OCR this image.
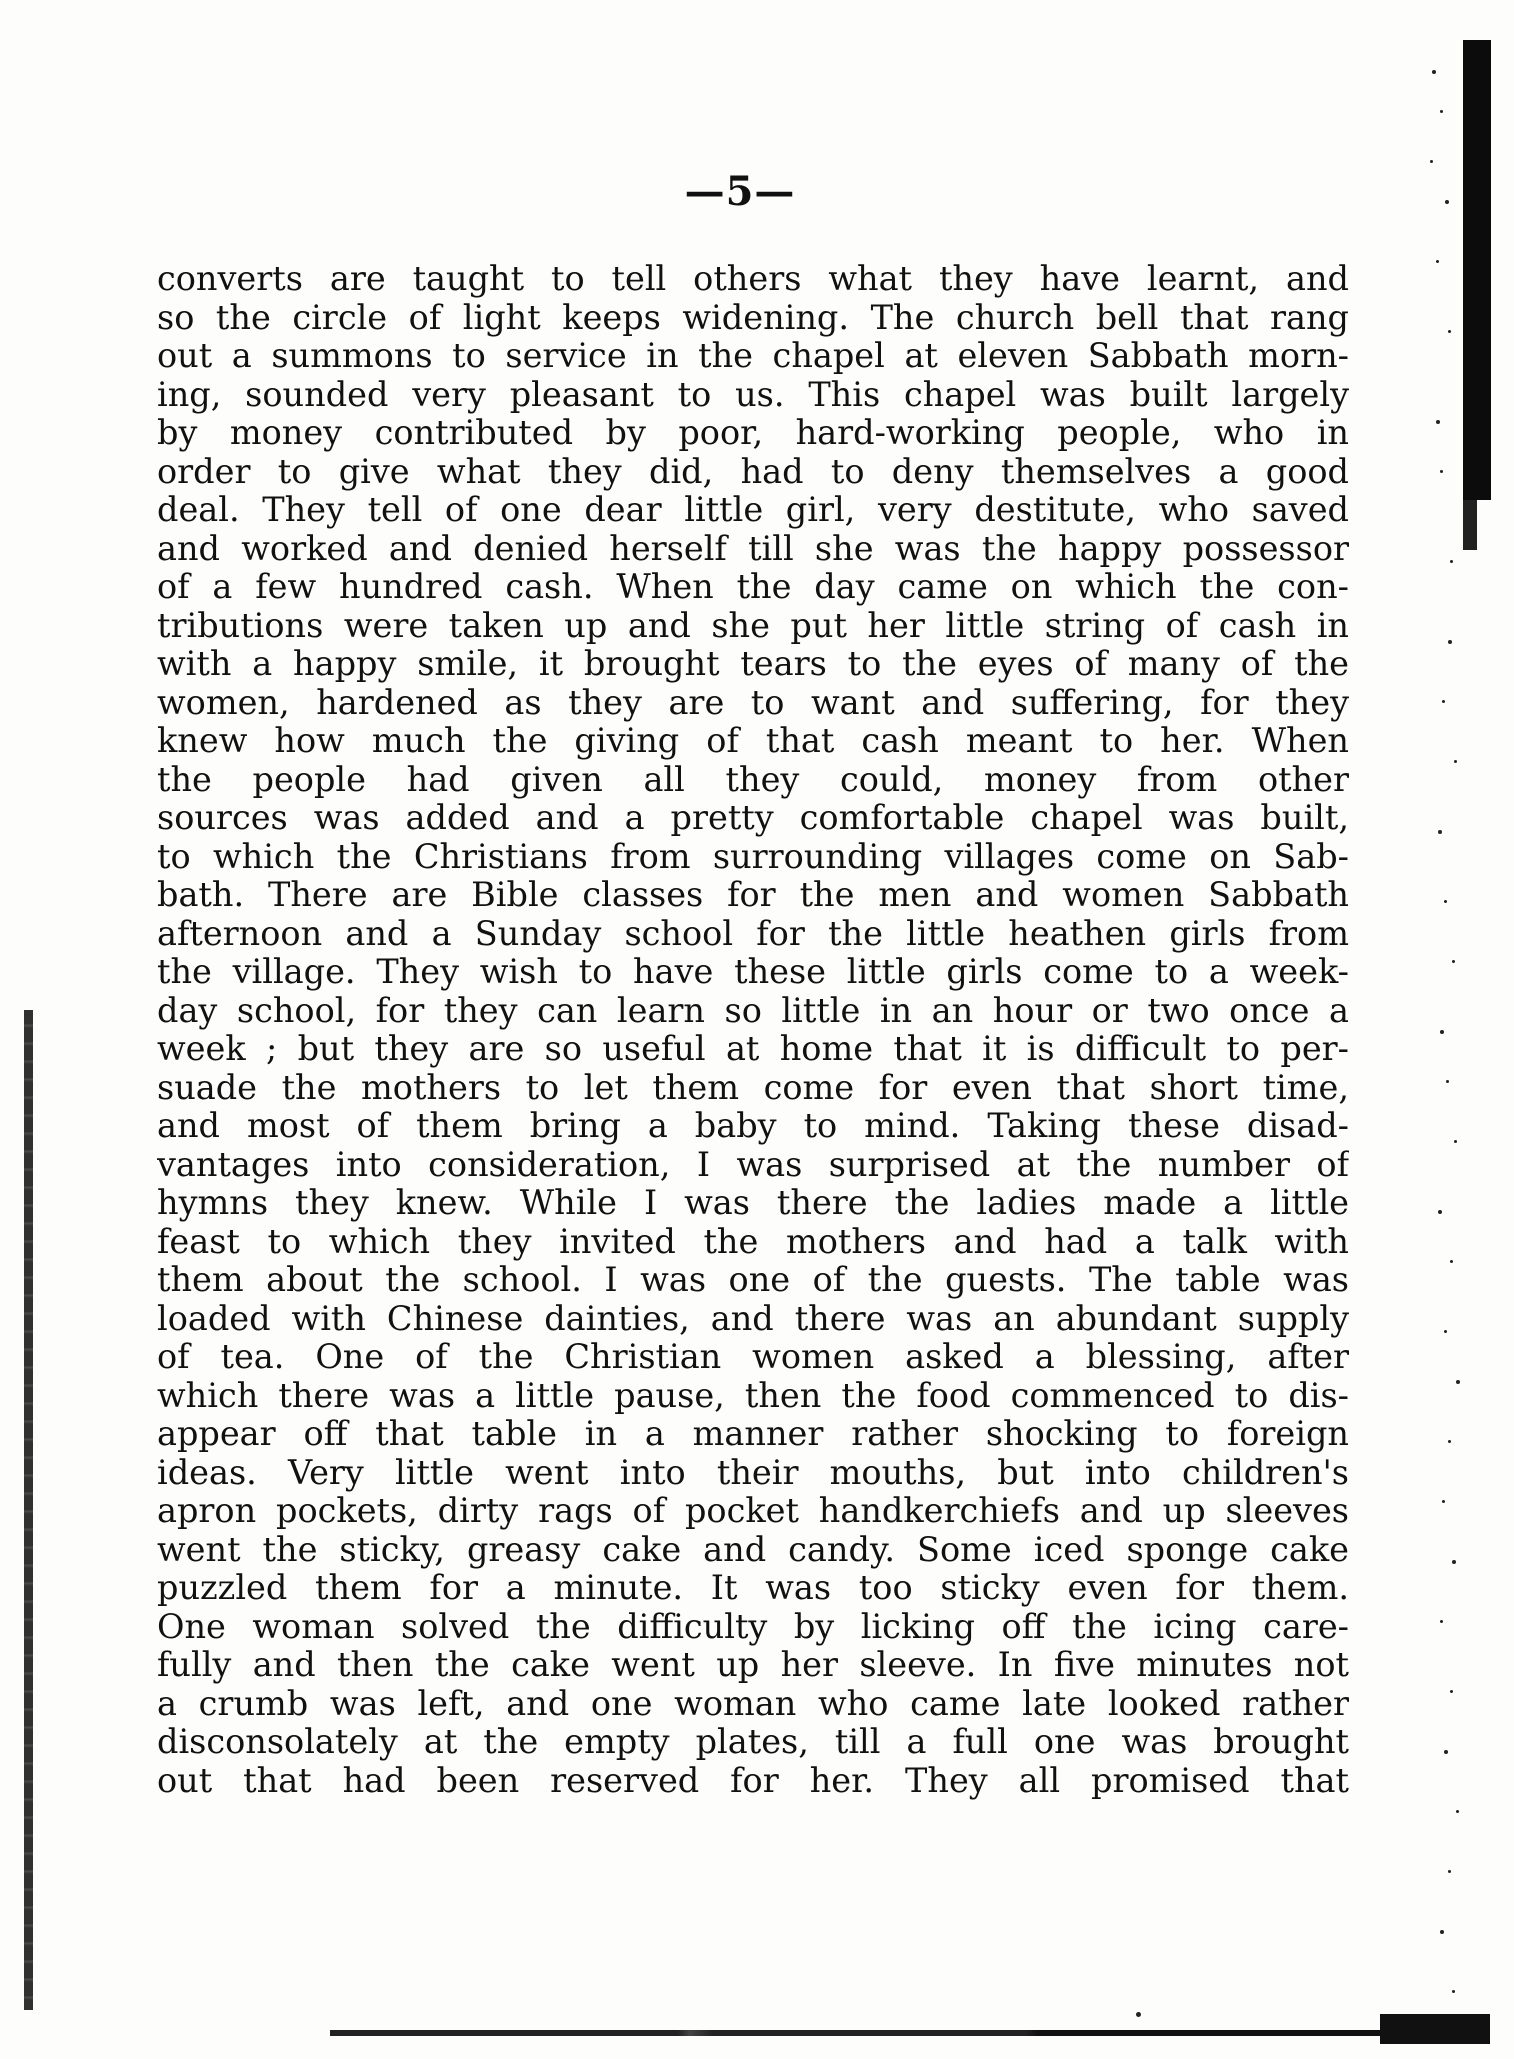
—5—
converts are taught to tell others what they have learnt, and
so the circle of light keeps widening. The church bell that rang
out a summons to service in the chapel at eleven Sabbath morn-
ing, sounded very pleasant to us. This chapel was built largely
by money contributed by poor, hard-working people, who in
order to give what they did, had to deny themselves a good
deal. They tell of one dear little girl, very destitute, who saved
and worked and denied herself till she was the happy possessor
of a few hundred cash. When the day came on which the con-
tributions were taken up and she put her little string of cash in
with a happy smile, it brought tears to the eyes of many of the
women, hardened as they are to want and suffering, for they
knew how much the giving of that cash meant to her. When
the people had given all they could, money from other
sources was added and a pretty comfortable chapel was built,
to which the Christians from surrounding villages come on Sab-
bath. There are Bible classes for the men and women Sabbath
afternoon and a Sunday school for the little heathen girls from
the village. They wish to have these little girls come to a week-
day school, for they can learn so little in an hour or two once a
week ; but they are so useful at home that it is difficult to per-
suade the mothers to let them come for even that short time,
and most of them bring a baby to mind. Taking these disad-
vantages into consideration, I was surprised at the number of
hymns they knew. While I was there the ladies made a little
feast to which they invited the mothers and had a talk with
them about the school. I was one of the guests. The table was
loaded with Chinese dainties, and there was an abundant supply
of tea. One of the Christian women asked a blessing, after
which there was a little pause, then the food commenced to dis-
appear off that table in a manner rather shocking to foreign
ideas. Very little went into their mouths, but into children's
apron pockets, dirty rags of pocket handkerchiefs and up sleeves
went the sticky, greasy cake and candy. Some iced sponge cake
puzzled them for a minute. It was too sticky even for them.
One woman solved the difficulty by licking off the icing care-
fully and then the cake went up her sleeve. In five minutes not
a crumb was left, and one woman who came late looked rather
disconsolately at the empty plates, till a full one was brought
out that had been reserved for her. They all promised that
